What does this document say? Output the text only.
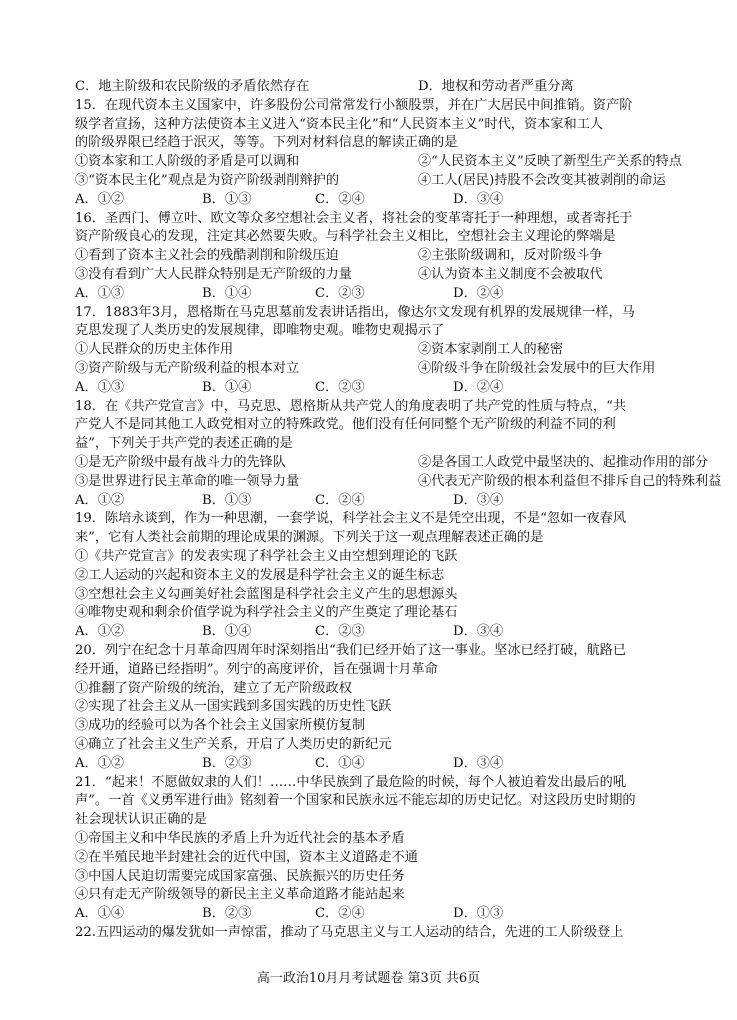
C．地主阶级和农民阶级的矛盾依然存在	D．地权和劳动者严重分离
15．在现代资本主义国家中，许多股份公司常常发行小额股票，并在广大居民中间推销。资产阶
级学者宣扬，这种方法使资本主义进入“资本民主化”和“人民资本主义”时代，资本家和工人
的阶级界限已经趋于泯灭，等等。下列对材料信息的解读正确的是
①资本家和工人阶级的矛盾是可以调和	②“人民资本主义”反映了新型生产关系的特点
③“资本民主化”观点是为资产阶级剥削辩护的	④工人(居民)持股不会改变其被剥削的命运
A．①②	B．①③	C．②④	D．③④
16．圣西门、傅立叶、欧文等众多空想社会主义者，将社会的变革寄托于一种理想，或者寄托于
资产阶级良心的发现，注定其必然要失败。与科学社会主义相比，空想社会主义理论的弊端是
①看到了资本主义社会的残酷剥削和阶级压迫	②主张阶级调和，反对阶级斗争
③没有看到广大人民群众特别是无产阶级的力量	④认为资本主义制度不会被取代
A．①③	B．①④	C．②③	D．②④
17．1883年3月，恩格斯在马克思墓前发表讲话指出，像达尔文发现有机界的发展规律一样，马
克思发现了人类历史的发展规律，即唯物史观。唯物史观揭示了
①人民群众的历史主体作用	②资本家剥削工人的秘密
③资产阶级与无产阶级利益的根本对立	④阶级斗争在阶级社会发展中的巨大作用
A．①③	B．①④	C．②③	D．②④
18．在《共产党宣言》中，马克思、恩格斯从共产党人的角度表明了共产党的性质与特点，“共
产党人不是同其他工人政党相对立的特殊政党。他们没有任何同整个无产阶级的利益不同的利
益”，下列关于共产党的表述正确的是
①是无产阶级中最有战斗力的先锋队	②是各国工人政党中最坚决的、起推动作用的部分
③是世界进行民主革命的唯一领导力量	④代表无产阶级的根本利益但不排斥自己的特殊利益
A．①②	B．①③	C．②④	D．③④
19．陈培永谈到，作为一种思潮，一套学说，科学社会主义不是凭空出现，不是“忽如一夜春风
来”，它有人类社会前期的理论成果的渊源。下列关于这一观点理解表述正确的是
①《共产党宣言》的发表实现了科学社会主义由空想到理论的飞跃
②工人运动的兴起和资本主义的发展是科学社会主义的诞生标志
③空想社会主义勾画美好社会蓝图是科学社会主义产生的思想源头
④唯物史观和剩余价值学说为科学社会主义的产生奠定了理论基石
A．①②	B．①④	C．②③	D．③④
20．列宁在纪念十月革命四周年时深刻指出“我们已经开始了这一事业。坚冰已经打破，航路已
经开通，道路已经指明”。列宁的高度评价，旨在强调十月革命
①推翻了资产阶级的统治，建立了无产阶级政权
②实现了社会主义从一国实践到多国实践的历史性飞跃
③成功的经验可以为各个社会主义国家所模仿复制
④确立了社会主义生产关系，开启了人类历史的新纪元
A．①②	B．②③	C．①④	D．③④
21．“起来！不愿做奴隶的人们！……中华民族到了最危险的时候，每个人被迫着发出最后的吼
声”。一首《义勇军进行曲》铭刻着一个国家和民族永远不能忘却的历史记忆。对这段历史时期的
社会现状认识正确的是
①帝国主义和中华民族的矛盾上升为近代社会的基本矛盾
②在半殖民地半封建社会的近代中国，资本主义道路走不通
③中国人民迫切需要完成国家富强、民族振兴的历史任务
④只有走无产阶级领导的新民主主义革命道路才能站起来
A．①④	B．②③	C．②④	D．①③
22.五四运动的爆发犹如一声惊雷，推动了马克思主义与工人运动的结合，先进的工人阶级登上
高一政治10月月考试题卷 第3页 共6页
